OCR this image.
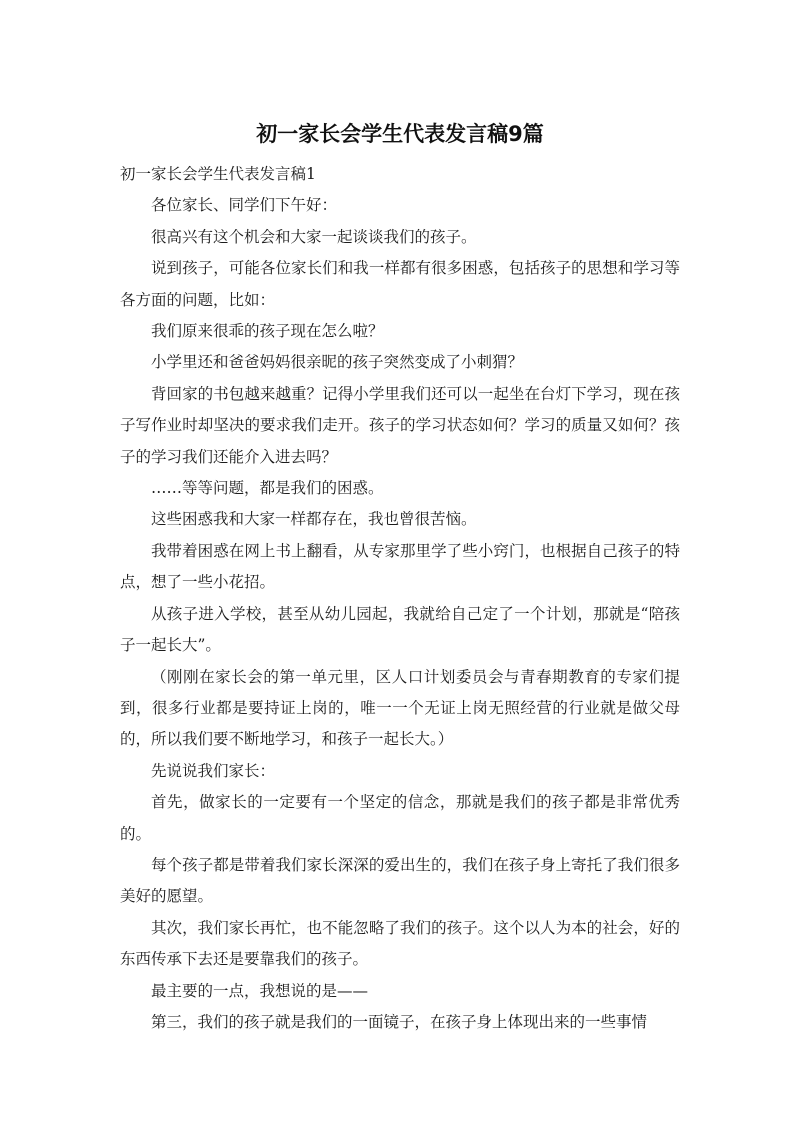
初一家长会学生代表发言稿9篇

初一家长会学生代表发言稿1

各位家长、同学们下午好：

很高兴有这个机会和大家一起谈谈我们的孩子。

说到孩子，可能各位家长们和我一样都有很多困惑，包括孩子的思想和学习等各方面的问题，比如：

我们原来很乖的孩子现在怎么啦？

小学里还和爸爸妈妈很亲昵的孩子突然变成了小刺猬？

背回家的书包越来越重？记得小学里我们还可以一起坐在台灯下学习，现在孩子写作业时却坚决的要求我们走开。孩子的学习状态如何？学习的质量又如何？孩子的学习我们还能介入进去吗？

……等等问题，都是我们的困惑。

这些困惑我和大家一样都存在，我也曾很苦恼。

我带着困惑在网上书上翻看，从专家那里学了些小窍门，也根据自己孩子的特点，想了一些小花招。

从孩子进入学校，甚至从幼儿园起，我就给自己定了一个计划，那就是“陪孩子一起长大”。

（刚刚在家长会的第一单元里，区人口计划委员会与青春期教育的专家们提到，很多行业都是要持证上岗的，唯一一个无证上岗无照经营的行业就是做父母的，所以我们要不断地学习，和孩子一起长大。）

先说说我们家长：

首先，做家长的一定要有一个坚定的信念，那就是我们的孩子都是非常优秀的。

每个孩子都是带着我们家长深深的爱出生的，我们在孩子身上寄托了我们很多美好的愿望。

其次，我们家长再忙，也不能忽略了我们的孩子。这个以人为本的社会，好的东西传承下去还是要靠我们的孩子。

最主要的一点，我想说的是——

第三，我们的孩子就是我们的一面镜子，在孩子身上体现出来的一些事情
